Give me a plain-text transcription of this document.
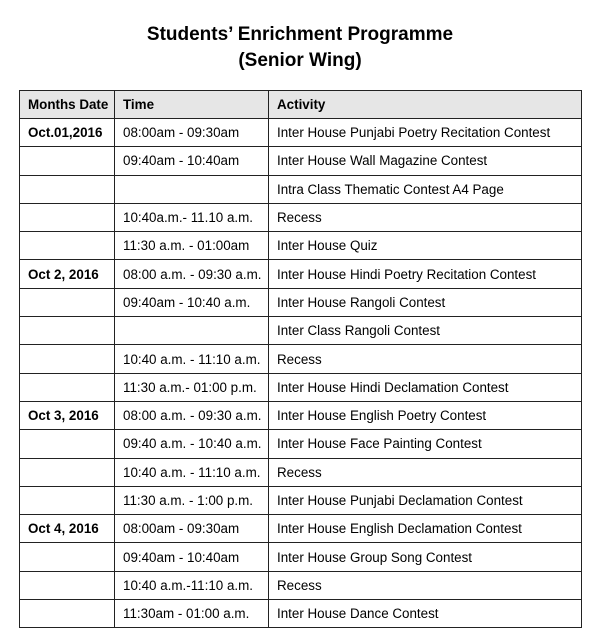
Students’ Enrichment Programme
(Senior Wing)
Months Date	Time	Activity
Oct.01,2016	08:00am - 09:30am	Inter House Punjabi Poetry Recitation Contest
	09:40am - 10:40am	Inter House Wall Magazine Contest
		Intra Class Thematic Contest A4 Page
	10:40a.m.- 11.10 a.m.	Recess
	11:30 a.m. - 01:00am	Inter House Quiz
Oct 2, 2016	08:00 a.m. - 09:30 a.m.	Inter House Hindi Poetry Recitation Contest
	09:40am - 10:40 a.m.	Inter House Rangoli Contest
		Inter Class Rangoli Contest
	10:40 a.m. - 11:10 a.m.	Recess
	11:30 a.m.- 01:00 p.m.	Inter House Hindi Declamation Contest
Oct 3, 2016	08:00 a.m. - 09:30 a.m.	Inter House English Poetry Contest
	09:40 a.m. - 10:40 a.m.	Inter House Face Painting Contest
	10:40 a.m. - 11:10 a.m.	Recess
	11:30 a.m. - 1:00 p.m.	Inter House Punjabi Declamation Contest
Oct 4, 2016	08:00am - 09:30am	Inter House English Declamation Contest
	09:40am - 10:40am	Inter House Group Song Contest
	10:40 a.m.-11:10 a.m.	Recess
	11:30am - 01:00 a.m.	Inter House Dance Contest
